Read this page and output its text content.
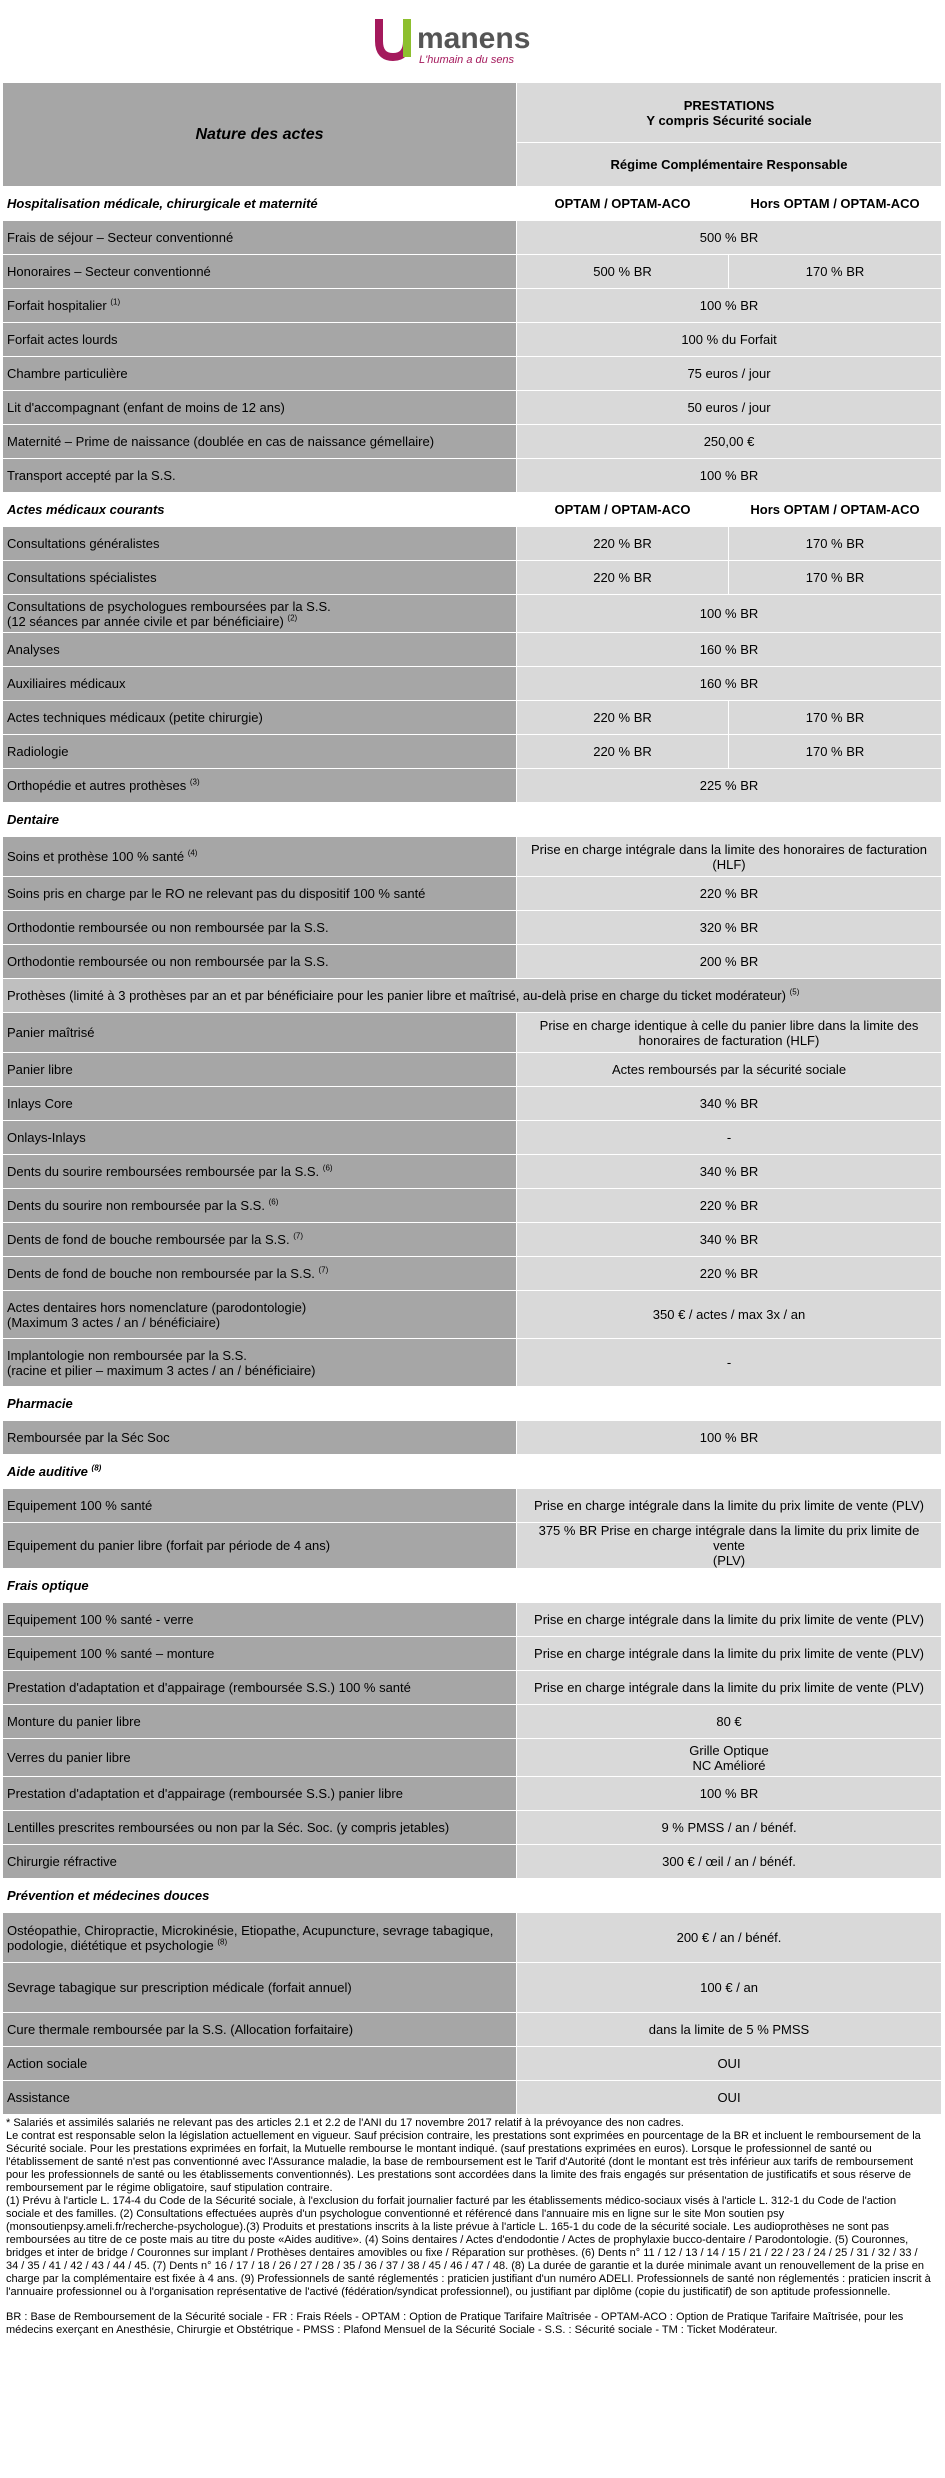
manens
L'humain a du sens
Nature des actes	PRESTATIONS
Y compris Sécurité sociale	
	Régime Complémentaire Responsable	
Hospitalisation médicale, chirurgicale et maternité	OPTAM / OPTAM-ACO	Hors OPTAM / OPTAM-ACO
Frais de séjour – Secteur conventionné	500 % BR	
Honoraires – Secteur conventionné	500 % BR	170 % BR
Forfait hospitalier $^{(1)}$	100 % BR	
Forfait actes lourds	100 % du Forfait	
Chambre particulière	75 euros / jour	
Lit d'accompagnant (enfant de moins de 12 ans)	50 euros / jour	
Maternité – Prime de naissance (doublée en cas de naissance gémellaire)	250,00 €	
Transport accepté par la S.S.	100 % BR	
Actes médicaux courants	OPTAM / OPTAM-ACO	Hors OPTAM / OPTAM-ACO
Consultations généralistes	220 % BR	170 % BR
Consultations spécialistes	220 % BR	170 % BR
Consultations de psychologues remboursées par la S.S.
(12 séances par année civile et par bénéficiaire) $^{(2)}$	100 % BR	
Analyses	160 % BR	
Auxiliaires médicaux	160 % BR	
Actes techniques médicaux (petite chirurgie)	220 % BR	170 % BR
Radiologie	220 % BR	170 % BR
Orthopédie et autres prothèses $^{(3)}$	225 % BR	
Dentaire		
Soins et prothèse 100 % santé $^{(4)}$	Prise en charge intégrale dans la limite des honoraires de facturation
(HLF)	
Soins pris en charge par le RO ne relevant pas du dispositif 100 % santé	220 % BR	
Orthodontie remboursée ou non remboursée par la S.S.	320 % BR	
Orthodontie remboursée ou non remboursée par la S.S.	200 % BR	
Prothèses (limité à 3 prothèses par an et par bénéficiaire pour les panier libre et maîtrisé, au-delà prise en charge du ticket modérateur) $^{(5)}$
Panier maîtrisé	Prise en charge identique à celle du panier libre dans la limite des
honoraires de facturation (HLF)	
Panier libre	Actes remboursés par la sécurité sociale	
Inlays Core	340 % BR	
Onlays-Inlays	-	
Dents du sourire remboursées remboursée par la S.S. $^{(6)}$	340 % BR	
Dents du sourire non remboursée par la S.S. $^{(6)}$	220 % BR	
Dents de fond de bouche remboursée par la S.S. $^{(7)}$	340 % BR	
Dents de fond de bouche non remboursée par la S.S. $^{(7)}$	220 % BR	
Actes dentaires hors nomenclature (parodontologie)
(Maximum 3 actes / an / bénéficiaire)	350 € / actes / max 3x / an	
Implantologie non remboursée par la S.S.
(racine et pilier – maximum 3 actes / an / bénéficiaire)	-	
Pharmacie		
Remboursée par la Séc Soc	100 % BR	
Aide auditive $^{(8)}$
Equipement 100 % santé	Prise en charge intégrale dans la limite du prix limite de vente (PLV)	
Equipement du panier libre (forfait par période de 4 ans)	375 % BR Prise en charge intégrale dans la limite du prix limite de vente
(PLV)	
Frais optique		
Equipement 100 % santé - verre	Prise en charge intégrale dans la limite du prix limite de vente (PLV)	
Equipement 100 % santé – monture	Prise en charge intégrale dans la limite du prix limite de vente (PLV)	
Prestation d'adaptation et d'appairage (remboursée S.S.) 100 % santé	Prise en charge intégrale dans la limite du prix limite de vente (PLV)	
Monture du panier libre	80 €	
Verres du panier libre	Grille Optique
NC Amélioré	
Prestation d'adaptation et d'appairage (remboursée S.S.) panier libre	100 % BR	
Lentilles prescrites remboursées ou non par la Séc. Soc. (y compris jetables)	9 % PMSS / an / bénéf.	
Chirurgie réfractive	300 € / œil / an / bénéf.	
Prévention et médecines douces		
Ostéopathie, Chiropractie, Microkinésie, Etiopathe, Acupuncture, sevrage tabagique,
podologie, diététique et psychologie $^{(8)}$	200 € / an / bénéf.	
Sevrage tabagique sur prescription médicale (forfait annuel)	100 € / an	
Cure thermale remboursée par la S.S. (Allocation forfaitaire)	dans la limite de 5 % PMSS	
Action sociale	OUI	
Assistance	OUI	

* Salariés et assimilés salariés ne relevant pas des articles 2.1 et 2.2 de l'ANI du 17 novembre 2017 relatif à la prévoyance des non cadres.

Le contrat est responsable selon la législation actuellement en vigueur. Sauf précision contraire, les prestations sont exprimées en pourcentage de la BR et incluent le remboursement de la Sécurité sociale. Pour les prestations exprimées en forfait, la Mutuelle rembourse le montant indiqué. (sauf prestations exprimées en euros). Lorsque le professionnel de santé ou l'établissement de santé n'est pas conventionné avec l'Assurance maladie, la base de remboursement est le Tarif d'Autorité (dont le montant est très inférieur aux tarifs de remboursement pour les professionnels de santé ou les établissements conventionnés). Les prestations sont accordées dans la limite des frais engagés sur présentation de justificatifs et sous réserve de remboursement par le régime obligatoire, sauf stipulation contraire.

(1) Prévu à l'article L. 174-4 du Code de la Sécurité sociale, à l'exclusion du forfait journalier facturé par les établissements médico-sociaux visés à l'article L. 312-1 du Code de l'action sociale et des familles. (2) Consultations effectuées auprès d'un psychologue conventionné et référencé dans l'annuaire mis en ligne sur le site Mon soutien psy (monsoutienpsy.ameli.fr/recherche-psychologue).(3) Produits et prestations inscrits à la liste prévue à l'article L. 165-1 du code de la sécurité sociale. Les audioprothèses ne sont pas remboursées au titre de ce poste mais au titre du poste «Aides auditive». (4) Soins dentaires / Actes d'endodontie / Actes de prophylaxie bucco-dentaire / Parodontologie. (5) Couronnes, bridges et inter de bridge / Couronnes sur implant / Prothèses dentaires amovibles ou fixe / Réparation sur prothèses. (6) Dents n° 11 / 12 / 13 / 14 / 15 / 21 / 22 / 23 / 24 / 25 / 31 / 32 / 33 / 34 / 35 / 41 / 42 / 43 / 44 / 45. (7) Dents n° 16 / 17 / 18 / 26 / 27 / 28 / 35 / 36 / 37 / 38 / 45 / 46 / 47 / 48. (8) La durée de garantie et la durée minimale avant un renouvellement de la prise en charge par la complémentaire est fixée à 4 ans. (9) Professionnels de santé réglementés : praticien justifiant d'un numéro ADELI. Professionnels de santé non réglementés : praticien inscrit à l'annuaire professionnel ou à l'organisation représentative de l'activé (fédération/syndicat professionnel), ou justifiant par diplôme (copie du justificatif) de son aptitude professionnelle.

BR : Base de Remboursement de la Sécurité sociale - FR : Frais Réels - OPTAM : Option de Pratique Tarifaire Maîtrisée - OPTAM-ACO : Option de Pratique Tarifaire Maîtrisée, pour les médecins exerçant en Anesthésie, Chirurgie et Obstétrique - PMSS : Plafond Mensuel de la Sécurité Sociale - S.S. : Sécurité sociale - TM : Ticket Modérateur.
